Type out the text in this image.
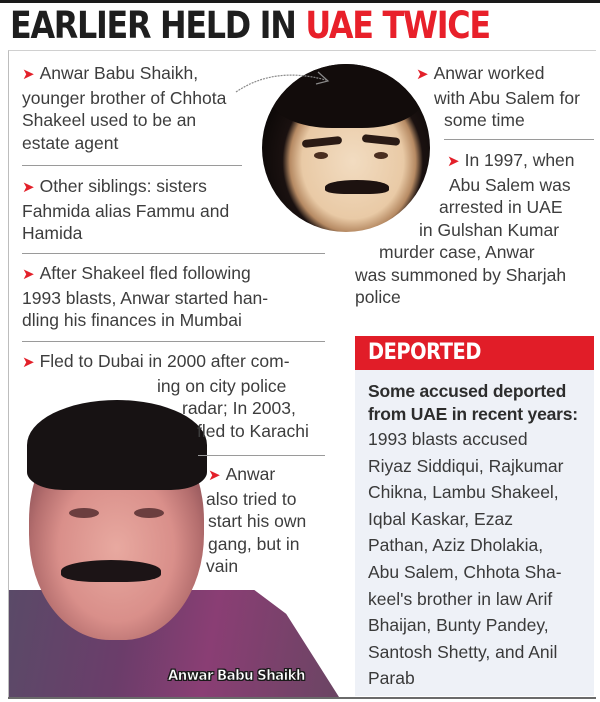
EARLIER HELD IN UAE TWICE
➤ Anwar Babu Shaikh,
younger brother of Chhota
Shakeel used to be an
estate agent
➤ Other siblings: sisters
Fahmida alias Fammu and
Hamida
➤ After Shakeel fled following
1993 blasts, Anwar started han-
dling his finances in Mumbai
Anwar Babu Shaikh
➤ Fled to Dubai in 2000 after com-
ing on city police
radar; In 2003,
fled to Karachi
➤ Anwar
also tried to
start his own
gang, but in
vain
➤ Anwar worked
with Abu Salem for
some time
➤ In 1997, when
Abu Salem was
arrested in UAE
in Gulshan Kumar
murder case, Anwar
was summoned by Sharjah
police
DEPORTED
Some accused deported
from UAE in recent years:
1993 blasts accused
Riyaz Siddiqui, Rajkumar
Chikna, Lambu Shakeel,
Iqbal Kaskar, Ezaz
Pathan, Aziz Dholakia,
Abu Salem, Chhota Sha-
keel's brother in law Arif
Bhaijan, Bunty Pandey,
Santosh Shetty, and Anil
Parab
